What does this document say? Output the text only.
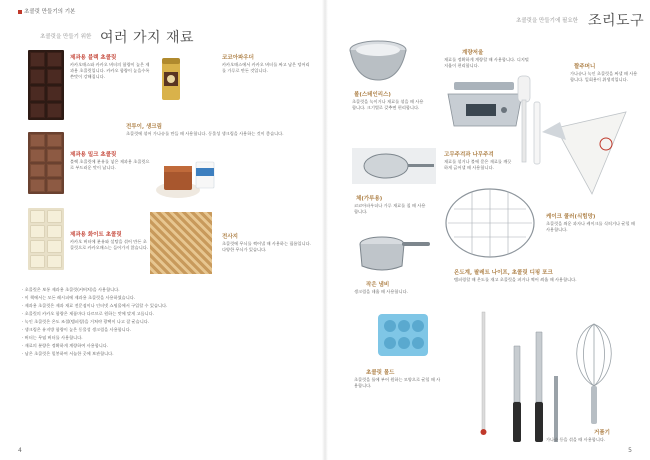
초콜릿 만들기의 기본
초콜릿을 만들기 위한 여러 가지 재료
제과용 블랙 초콜릿
카카오매스와 카카오 버터의 함량이 높은 제과용 초콜릿입니다. 카카오 함량이 높을수록 쓴맛이 강해집니다.
코코아파우더
카카오매스에서 카카오 버터를 짜고 남은 덩어리를 가루로 만든 것입니다.
제과용 밀크 초콜릿
블랙 초콜릿에 분유를 넣은 제과용 초콜릿으로 부드러운 맛이 납니다.
전투이, 생크림
초콜릿에 섞어 가나슈를 만들 때 사용합니다. 동물성 생크림을 사용하는 것이 좋습니다.
제과용 화이트 초콜릿
카카오 버터에 분유와 설탕을 섞어 만든 초콜릿으로 카카오매스는 들어가지 않습니다.
전사지
초콜릿에 무늬를 찍어낼 때 사용하는 필름입니다. 다양한 무늬가 있습니다.
· 초콜릿은 보통 제과용 초콜릿(커버처)을 사용합니다.
· 이 책에서는 모든 레시피에 제과용 초콜릿을 사용하였습니다.
· 제과용 초콜릿은 제과 재료 전문점이나 인터넷 쇼핑몰에서 구입할 수 있습니다.
· 초콜릿의 카카오 함량은 제품마다 다르므로 원하는 맛에 맞게 고릅니다.
· 녹인 초콜릿은 온도 조절(템퍼링)을 거쳐야 광택이 나고 잘 굳습니다.
· 생크림은 유지방 함량이 높은 동물성 생크림을 사용합니다.
· 버터는 무염 버터를 사용합니다.
· 재료의 분량은 정확하게 계량하여 사용합니다.
· 남은 초콜릿은 밀봉하여 서늘한 곳에 보관합니다.
4
초콜릿을 만들기에 필요한 조리도구
볼(스테인리스)
초콜릿을 녹이거나 재료를 섞을 때 사용합니다. 크기별로 갖추면 편리합니다.
계량저울
재료를 정확하게 계량할 때 사용합니다. 디지털 저울이 편리합니다.	짤주머니
가나슈나 녹인 초콜릿을 짜낼 때 사용합니다. 일회용이 위생적입니다.
고무주걱과 나무주걱
재료를 섞거나 볼에 묻은 재료를 깨끗하게 긁어낼 때 사용합니다.
체(가루용)
코코아파우더나 가루 재료를 칠 때 사용합니다.
케이크 쿨러(식힘망)
초콜릿을 씌운 과자나 케이크를 식히거나 굳힐 때 사용합니다.
작은 냄비
생크림을 데울 때 사용합니다.
온도계, 팔레트 나이프, 초콜릿 디핑 포크
템퍼링할 때 온도를 재고 초콜릿을 펴거나 찍어 씌울 때 사용합니다.
초콜릿 몰드
초콜릿을 틀에 부어 원하는 모양으로 굳힐 때 사용합니다.
거품기
가나슈 등을 섞을 때 사용합니다.
5
